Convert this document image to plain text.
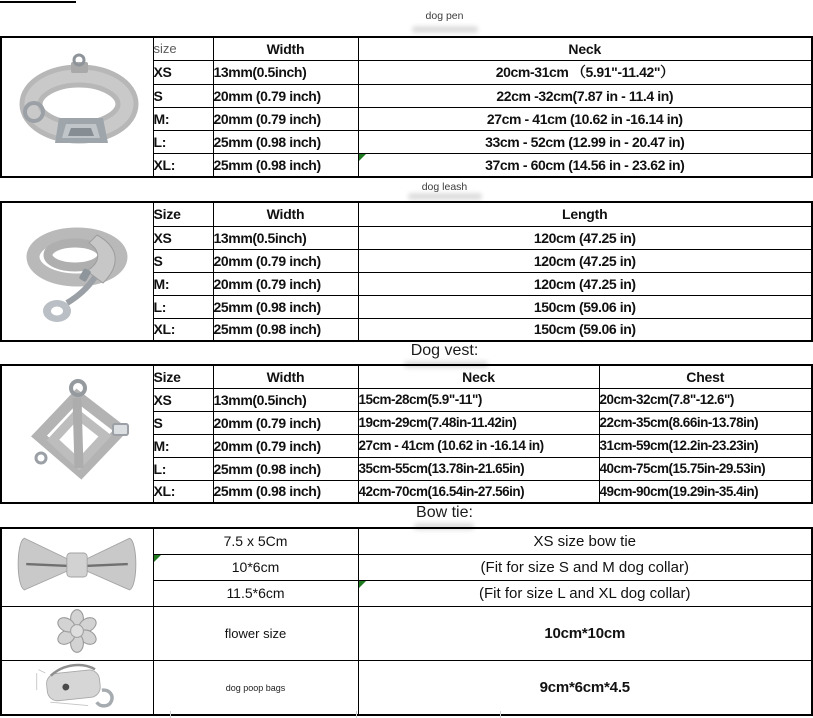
dog pen
dog leash
Dog vest:
Bow tie:
	size	Width	Neck
	XS	13mm(0.5inch)	20cm-31cm （5.91"-11.42"）
	S	20mm (0.79 inch)	22cm -32cm(7.87 in - 11.4 in)
	M:	20mm (0.79 inch)	27cm - 41cm (10.62 in -16.14 in)
	L:	25mm (0.98 inch)	33cm - 52cm (12.99 in - 20.47 in)
	XL:	25mm (0.98 inch)	37cm - 60cm (14.56 in - 23.62 in)
	Size	Width	Length
	XS	13mm(0.5inch)	120cm (47.25 in)
	S	20mm (0.79 inch)	120cm (47.25 in)
	M:	20mm (0.79 inch)	120cm (47.25 in)
	L:	25mm (0.98 inch)	150cm (59.06 in)
	XL:	25mm (0.98 inch)	150cm (59.06 in)
	Size	Width	Neck	Chest
	XS	13mm(0.5inch)	15cm-28cm(5.9"-11")	20cm-32cm(7.8"-12.6")
	S	20mm (0.79 inch)	19cm-29cm(7.48in-11.42in)	22cm-35cm(8.66in-13.78in)
	M:	20mm (0.79 inch)	27cm - 41cm (10.62 in -16.14 in)	31cm-59cm(12.2in-23.23in)
	L:	25mm (0.98 inch)	35cm-55cm(13.78in-21.65in)	40cm-75cm(15.75in-29.53in)
	XL:	25mm (0.98 inch)	42cm-70cm(16.54in-27.56in)	49cm-90cm(19.29in-35.4in)
	7.5 x 5Cm	XS size bow tie

10*6cm	(Fit for size S and M dog collar)
	11.5*6cm	(Fit for size L and XL dog collar)
	flower size	10cm*10cm
	dog poop bags	9cm*6cm*4.5
